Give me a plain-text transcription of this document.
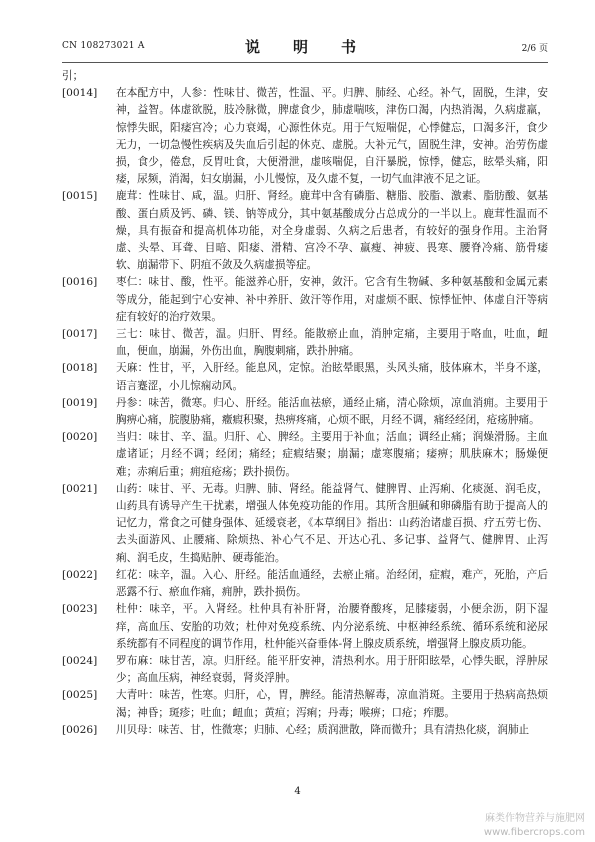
CN 108273021 A	说　明　书	2/6 页

引；

[0014]	在本配方中，人参：性味甘、微苦，性温、平。归脾、肺经、心经。补气，固脱，生津，安神，益智。体虚欲脱，肢冷脉微，脾虚食少，肺虚喘咳，津伤口渴，内热消渴，久病虚羸，惊悸失眠，阳痿宫冷；心力衰竭，心源性休克。用于气短喘促，心悸健忘，口渴多汗，食少无力，一切急慢性疾病及失血后引起的休克、虚脱。大补元气，固脱生津，安神。治劳伤虚损，食少，倦怠，反胃吐食，大便滑泄，虚咳喘促，自汗暴脱，惊悸，健忘，眩晕头痛，阳痿，尿频，消渴，妇女崩漏，小儿慢惊，及久虚不复，一切气血津液不足之证。
[0015]	鹿茸：性味甘、咸，温。归肝、肾经。鹿茸中含有磷脂、糖脂、胶脂、激素、脂肪酸、氨基酸、蛋白质及钙、磷、镁、钠等成分，其中氨基酸成分占总成分的一半以上。鹿茸性温而不燥，具有振奋和提高机体功能，对全身虚弱、久病之后患者，有较好的强身作用。主治肾虚、头晕、耳聋、目暗、阳痿、滑精、宫冷不孕、羸瘦、神疲、畏寒、腰脊冷痛、筋骨痿软、崩漏带下、阴疽不敛及久病虚损等症。
[0016]	枣仁：味甘、酸，性平。能滋养心肝，安神，敛汗。它含有生物碱、多种氨基酸和金属元素等成分，能起到宁心安神、补中养肝、敛汗等作用，对虚烦不眠、惊悸怔忡、体虚自汗等病症有较好的治疗效果。
[0017]	三七：味甘、微苦，温。归肝、胃经。能散瘀止血，消肿定痛，主要用于咯血，吐血，衄血，便血，崩漏，外伤出血，胸腹刺痛，跌扑肿痛。
[0018]	天麻：性甘，平，入肝经。能息风，定惊。治眩晕眼黑，头风头痛，肢体麻木，半身不遂，语言蹇涩，小儿惊痫动风。
[0019]	丹参：味苦，微寒。归心、肝经。能活血祛瘀，通经止痛，清心除烦，凉血消痈。主要用于胸痹心痛，脘腹胁痛，癥瘕积聚，热痹疼痛，心烦不眠，月经不调，痛经经闭，疮疡肿痛。
[0020]	当归：味甘、辛、温。归肝、心、脾经。主要用于补血；活血；调经止痛；润燥滑肠。主血虚诸证；月经不调；经闭；痛经；症瘕结聚；崩漏；虚寒腹痛；痿痹；肌肤麻木；肠燥便难；赤痢后重；痈疽疮疡；跌扑损伤。
[0021]	山药：味甘、平、无毒。归脾、肺、肾经。能益肾气、健脾胃、止泻痢、化痰涎、润毛皮，山药具有诱导产生干扰素，增强人体免疫功能的作用。其所含胆碱和卵磷脂有助于提高人的记忆力，常食之可健身强体、延缓衰老，《本草纲目》指出：山药治诸虚百损、疗五劳七伤、去头面游风、止腰痛、除烦热、补心气不足、开达心孔、多记事、益肾气、健脾胃、止泻痢、润毛皮，生捣贴肿、硬毒能治。
[0022]	红花：味辛，温。入心、肝经。能活血通经，去瘀止痛。治经闭，症瘕，难产，死胎，产后恶露不行、瘀血作痛，痈肿，跌扑损伤。
[0023]	杜仲：味辛，平。入肾经。杜仲具有补肝肾，治腰脊酸疼，足膝痿弱，小便余沥，阴下湿痒，高血压、安胎的功效；杜仲对免疫系统、内分泌系统、中枢神经系统、循环系统和泌尿系统都有不同程度的调节作用，杜仲能兴奋垂体-肾上腺皮质系统，增强肾上腺皮质功能。
[0024]	罗布麻：味甘苦，凉。归肝经。能平肝安神，清热利水。用于肝阳眩晕，心悸失眠，浮肿尿少；高血压病，神经衰弱，肾炎浮肿。
[0025]	大青叶：味苦，性寒。归肝，心，胃，脾经。能清热解毒，凉血消斑。主要用于热病高热烦渴；神昏；斑疹；吐血；衄血；黄疸；泻痢；丹毒；喉痹；口疮；痄腮。
[0026]	川贝母：味苦、甘，性微寒；归肺、心经；质润泄散，降而微升；具有清热化痰，润肺止
4
麻类作物营养与施肥网
www.fibercrops.com
